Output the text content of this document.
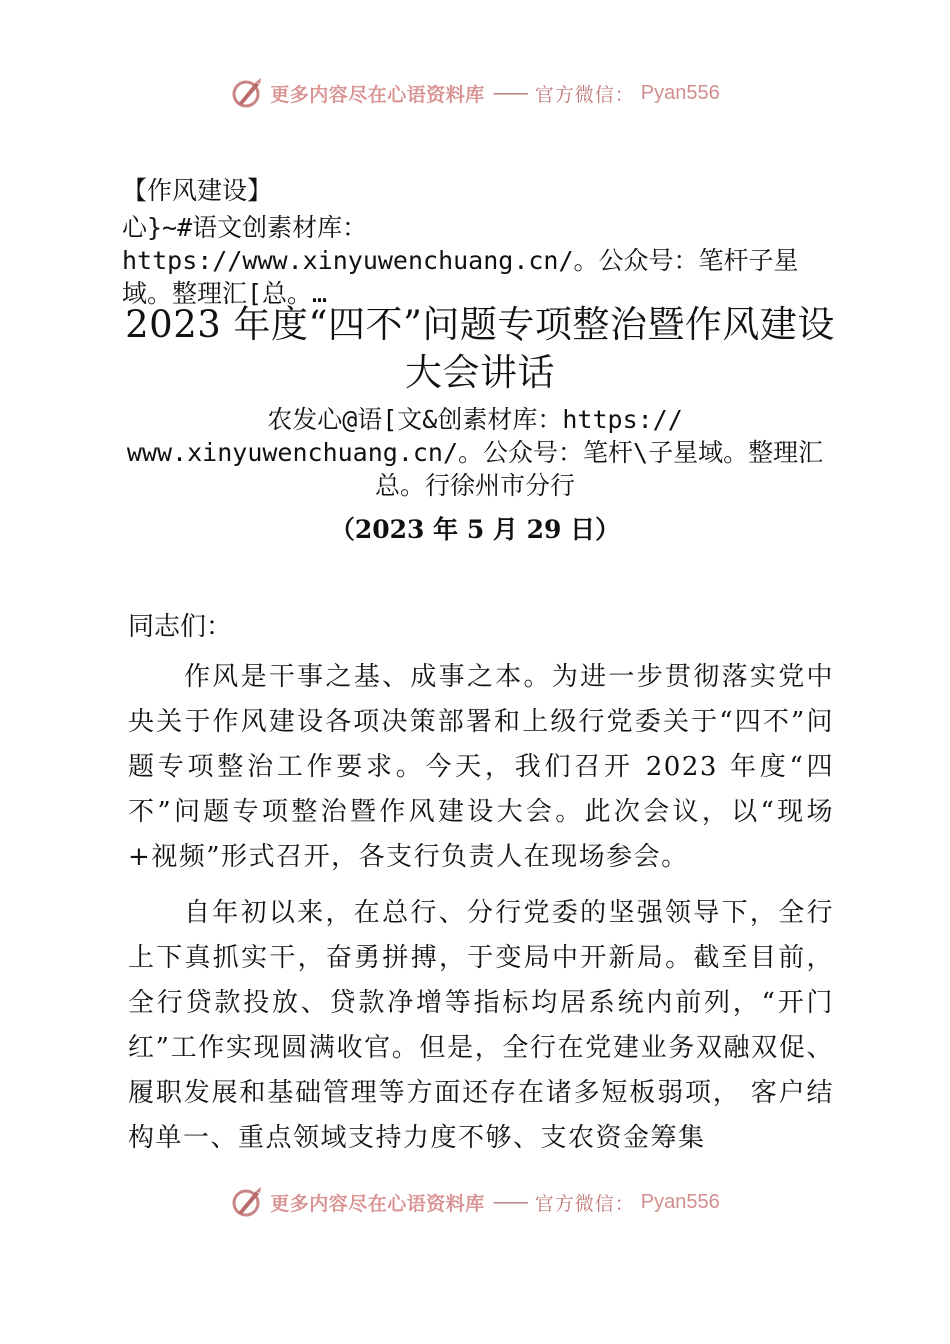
更多内容尽在心语资料库 —— 官方微信： Pyan556
【作风建设】
心}~#语文创素材库：https://www.xinyuwenchuang.cn/。公众号：笔杆子星域。整理汇[总。…
2023 年度“四不”问题专项整治暨作风建设大会讲话
农发心@语[文&创素材库：https:// www.xinyuwenchuang.cn/。公众号：笔杆\子星域。整理汇总。行徐州市分行
（2023 年 5 月 29 日）
同志们：
作风是干事之基、成事之本。为进一步贯彻落实党中央关于作风建设各项决策部署和上级行党委关于“四不”问题专项整治工作要求。今天，我们召开 2023 年度“四不”问题专项整治暨作风建设大会。此次会议，以“现场+视频”形式召开，各支行负责人在现场参会。
自年初以来，在总行、分行党委的坚强领导下，全行上下真抓实干，奋勇拼搏，于变局中开新局。截至目前，全行贷款投放、贷款净增等指标均居系统内前列，“开门红”工作实现圆满收官。但是，全行在党建业务双融双促、履职发展和基础管理等方面还存在诸多短板弱项， 客户结构单一、重点领域支持力度不够、支农资金筹集
更多内容尽在心语资料库 —— 官方微信： Pyan556
